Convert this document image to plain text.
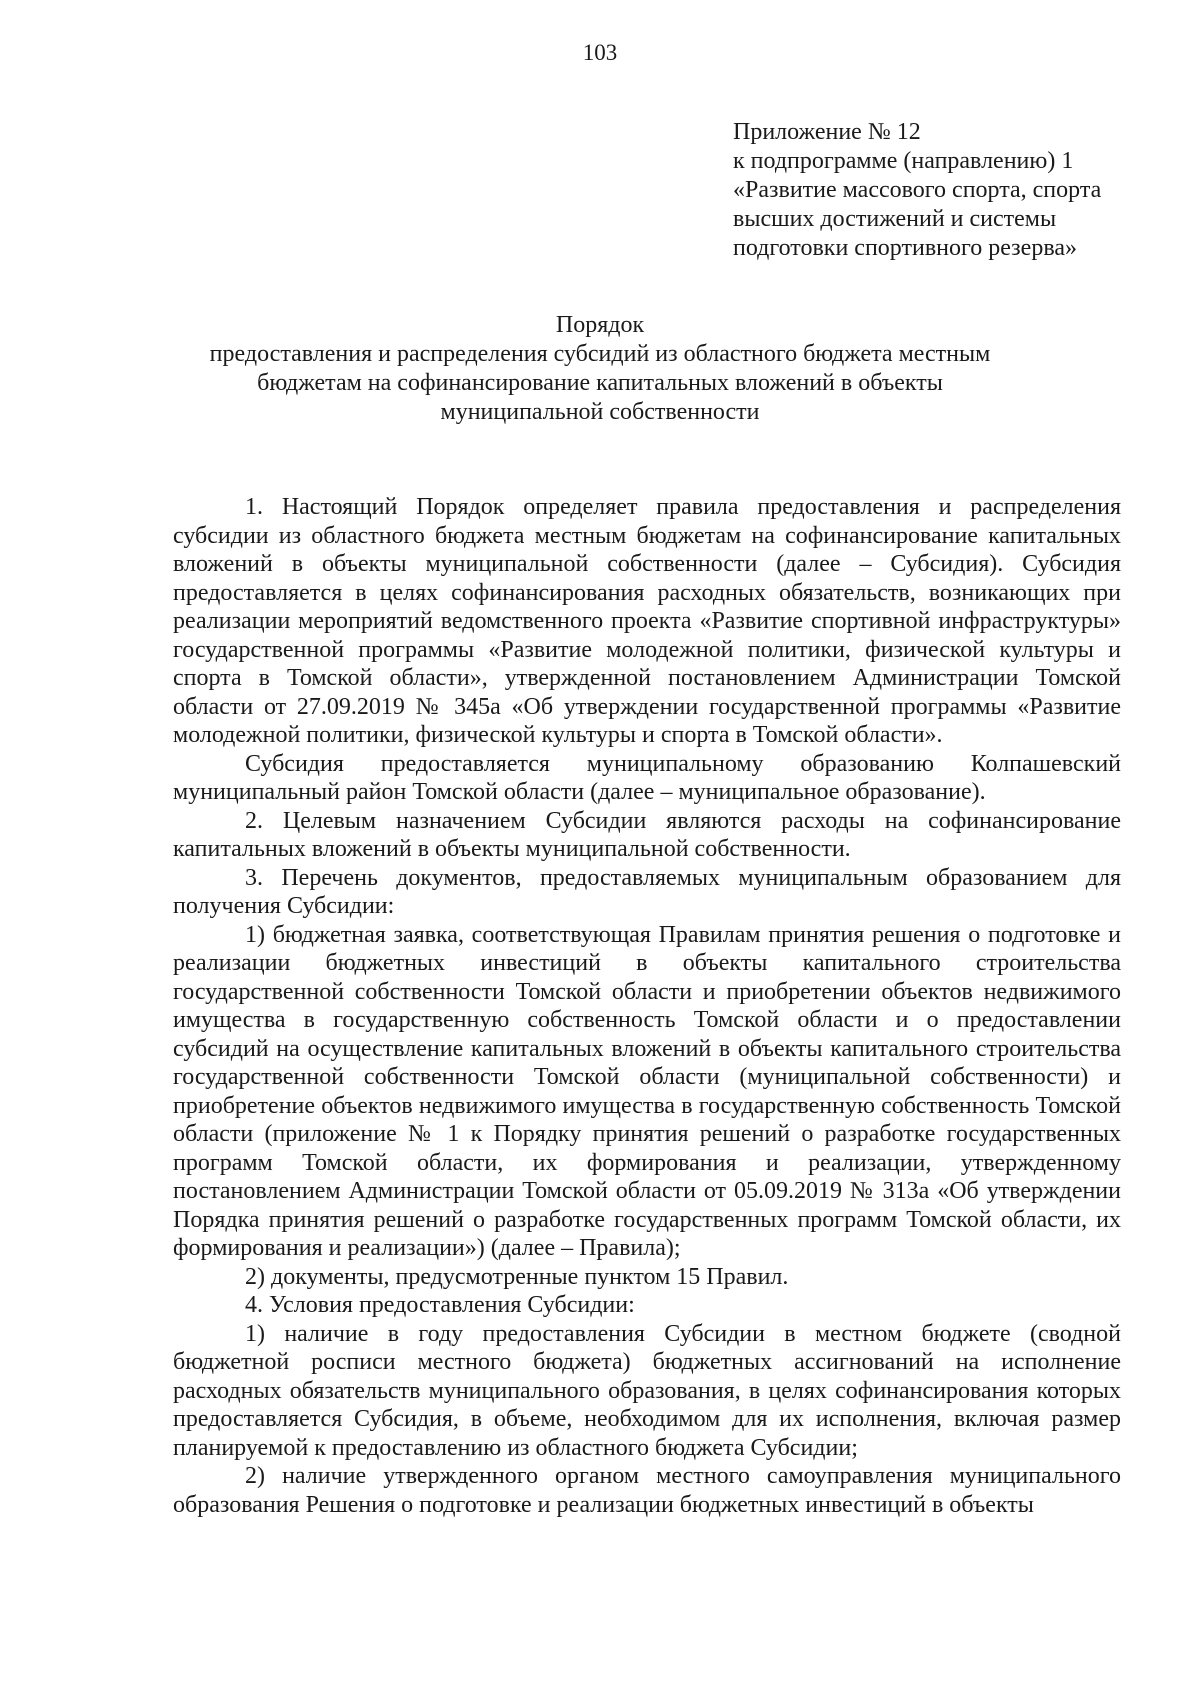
103
Приложение № 12
к подпрограмме (направлению) 1
«Развитие массового спорта, спорта
высших достижений и системы
подготовки спортивного резерва»
Порядок
предоставления и распределения субсидий из областного бюджета местным
бюджетам на софинансирование капитальных вложений в объекты
муниципальной собственности

1. Настоящий Порядок определяет правила предоставления и распределения субсидии из областного бюджета местным бюджетам на софинансирование капитальных вложений в объекты муниципальной собственности (далее – Субсидия). Субсидия предоставляется в целях софинансирования расходных обязательств, возникающих при реализации мероприятий ведомственного проекта «Развитие спортивной инфраструктуры» государственной программы «Развитие молодежной политики, физической культуры и спорта в Томской области», утвержденной постановлением Администрации Томской области от 27.09.2019 № 345а «Об утверждении государственной программы «Развитие молодежной политики, физической культуры и спорта в Томской области».

Субсидия предоставляется муниципальному образованию Колпашевский муниципальный район Томской области (далее – муниципальное образование).

2. Целевым назначением Субсидии являются расходы на софинансирование капитальных вложений в объекты муниципальной собственности.

3. Перечень документов, предоставляемых муниципальным образованием для получения Субсидии:

1) бюджетная заявка, соответствующая Правилам принятия решения о подготовке и реализации бюджетных инвестиций в объекты капитального строительства государственной собственности Томской области и приобретении объектов недвижимого имущества в государственную собственность Томской области и о предоставлении субсидий на осуществление капитальных вложений в объекты капитального строительства государственной собственности Томской области (муниципальной собственности) и приобретение объектов недвижимого имущества в государственную собственность Томской области (приложение № 1 к Порядку принятия решений о разработке государственных программ Томской области, их формирования и реализации, утвержденному постановлением Администрации Томской области от 05.09.2019 № 313а «Об утверждении Порядка принятия решений о разработке государственных программ Томской области, их формирования и реализации») (далее – Правила);

2) документы, предусмотренные пунктом 15 Правил.

4. Условия предоставления Субсидии:

1) наличие в году предоставления Субсидии в местном бюджете (сводной бюджетной росписи местного бюджета) бюджетных ассигнований на исполнение расходных обязательств муниципального образования, в целях софинансирования которых предоставляется Субсидия, в объеме, необходимом для их исполнения, включая размер планируемой к предоставлению из областного бюджета Субсидии;

2) наличие утвержденного органом местного самоуправления муниципального образования Решения о подготовке и реализации бюджетных инвестиций в объекты
